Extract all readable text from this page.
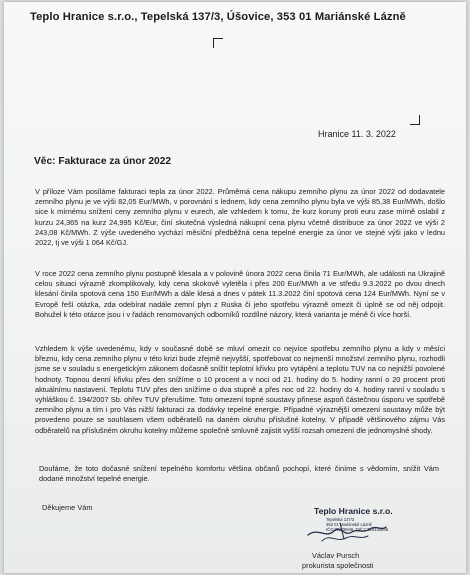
Teplo Hranice s.r.o., Tepelská 137/3, Úšovice, 353 01 Mariánské Lázně
Hranice 11. 3. 2022
Věc: Fakturace za únor 2022
V příloze Vám posíláme fakturaci tepla za únor 2022. Průměrná cena nákupu zemního plynu za únor 2022 od dodavatele zemního plynu je ve výši 82,05 Eur/MWh, v porovnání s lednem, kdy cena zemního plynu byla ve výši 85,38 Eur/MWh, došlo sice k mírnému snížení ceny zemního plynu v eurech, ale vzhledem k tomu, že kurz koruny proti euru zase mírně oslabil z kurzu 24,365 na kurz 24,995 Kč/Eur, činí skutečná výsledná nákupní cena plynu včetně distribuce za únor 2022 ve výši 2 243,08 Kč/MWh. Z výše uvedeného vychází měsíční předběžná cena tepelné energie za únor ve stejné výši jako v lednu 2022, tj ve výši 1 064 Kč/GJ.
V roce 2022 cena zemního plynu postupně klesala a v polovině února 2022 cena činila 71 Eur/MWh, ale události na Ukrajině celou situaci výrazně zkomplikovaly, kdy cena skokově vyletěla i přes 200 Eur/MWh a ve středu 9.3.2022 po dvou dnech klesání činila spotová cena 150 Eur/MWh a dále klesá a dnes v pátek 11.3.2022 činí spotová cena 124 Eur/MWh. Nyní se v Evropě řeší otázka, zda odebírat nadále zemní plyn z Ruska či jeho spotřebu výrazně omezit či úplně se od něj odpojit. Bohužel k této otázce jsou i v řadách renomovaných odborníků rozdílné názory, která varianta je méně či více horší.
Vzhledem k výše uvedenému, kdy v současné době se mluví omezit co nejvíce spotřebu zemního plynu a kdy v měsíci březnu, kdy cena zemního plynu v této krizi bude zřejmě nejvyšší, spotřebovat co nejmenší množství zemního plynu, rozhodli jsme se v souladu s energetickým zákonem dočasně snížit teplotní křivku pro vytápění a teplotu TUV na co nejnižší povolené hodnoty. Topnou denní křivku přes den snížíme o 10 procent a v noci od 21. hodiny do 5. hodiny ranní o 20 procent proti aktuálnímu nastavení. Teplotu TUV přes den snížíme o dva stupně a přes noc od 22. hodiny do 4. hodiny ranní v souladu s vyhláškou č. 194/2007 Sb. ohřev TUV přerušíme. Toto omezení topné soustavy přinese aspoň částečnou úsporu ve spotřebě zemního plynu a tím i pro Vás nižší fakturaci za dodávky tepelné energie. Případné výraznější omezení soustavy může být provedeno pouze se souhlasem všem odběratelů na daném okruhu příslušné kotelny. V případě většinového zájmu Vás odběratelů na příslušném okruhu kotelny můžeme společně smluvně zajistit vyšší rozsah omezení dle jednomyslné shody.
Doufáme, že toto dočasné snížení tepelného komfortu většina občanů pochopí, které činíme s vědomím, snížit Vám dodané množství tepelné energie.
Děkujeme Vám	Teplo Hranice s.r.o.
Tepelská 137/3
353 01 Mariánské Lázně
IČO:29136946, DIČ:CZ29136946
Václav Pursch
prokurista společnosti
